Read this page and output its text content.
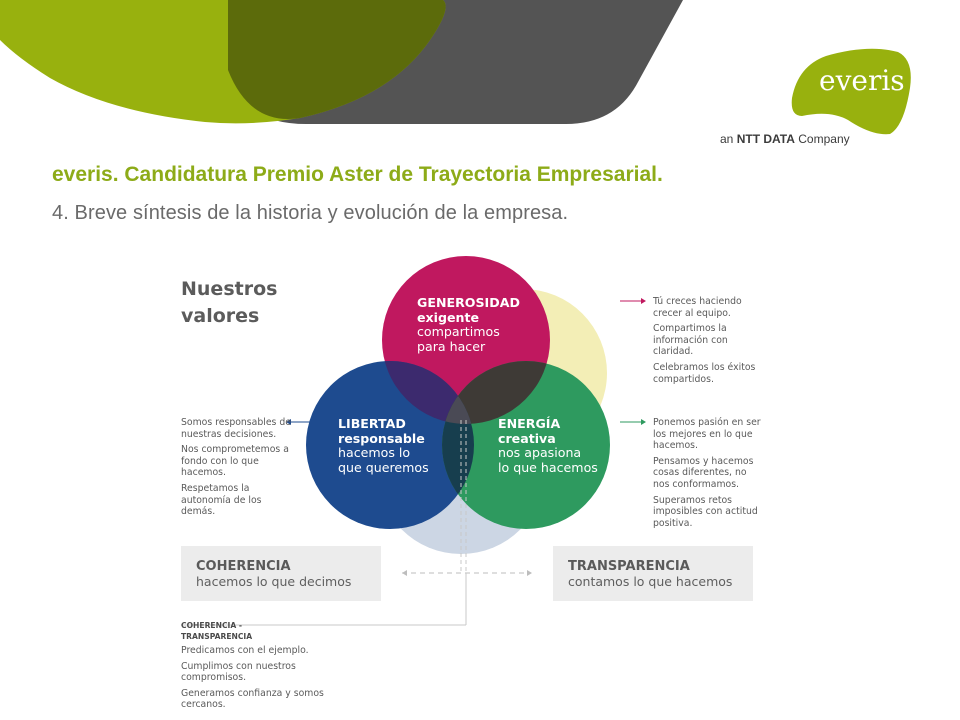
everis
an NTT DATA Company
everis. Candidatura Premio Aster de Trayectoria Empresarial.
4. Breve síntesis de la historia y evolución de la empresa.
Nuestros
valores
GENEROSIDAD
exigente
compartimos
para hacer
LIBERTAD
responsable
hacemos lo
que queremos
ENERGÍA
creativa
nos apasiona
lo que hacemos

Tú creces haciendo crecer al equipo.

Compartimos la información con claridad.

Celebramos los éxitos compartidos.

Ponemos pasión en ser los mejores en lo que hacemos.

Pensamos y hacemos cosas diferentes, no nos conformamos.

Superamos retos imposibles con actitud positiva.

Somos responsables de nuestras decisiones.

Nos comprometemos a fondo con lo que hacemos.

Respetamos la autonomía de los demás.

COHERENCIA
hacemos lo que decimos
TRANSPARENCIA
contamos lo que hacemos
COHERENCIA -
TRANSPARENCIA

Predicamos con el ejemplo.

Cumplimos con nuestros compromisos.

Generamos confianza y somos cercanos.
